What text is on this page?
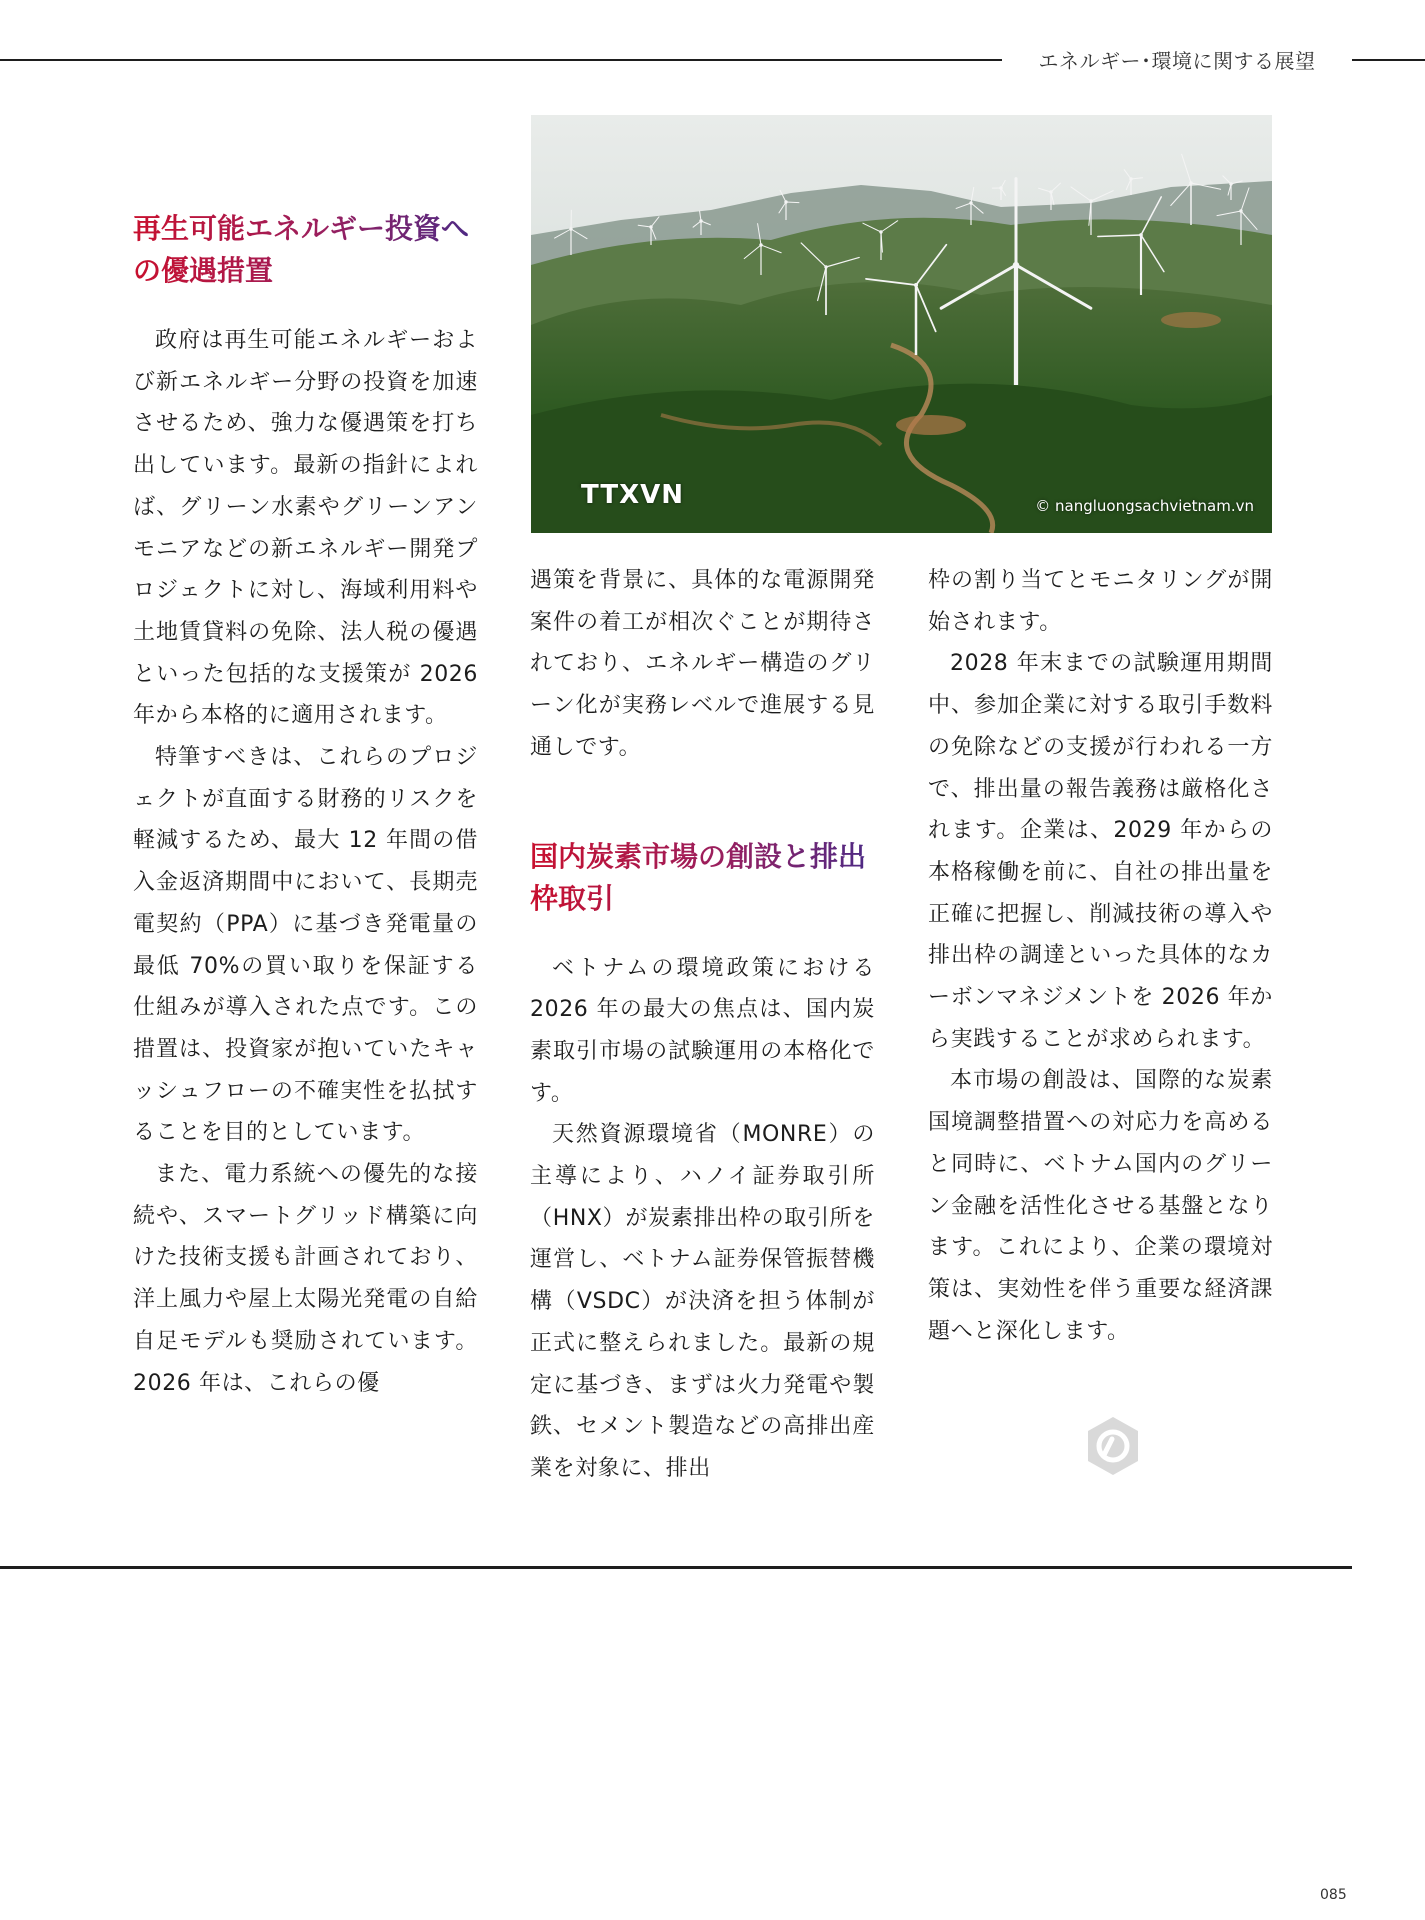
エネルギー･環境に関する展望
再生可能エネルギー投資への優遇措置

政府は再生可能エネルギーおよび新エネルギー分野の投資を加速させるため、強力な優遇策を打ち出しています。最新の指針によれば、グリーン水素やグリーンアンモニアなどの新エネルギー開発プロジェクトに対し、海域利用料や土地賃貸料の免除、法人税の優遇といった包括的な支援策が 2026 年から本格的に適用されます。

特筆すべきは、これらのプロジェクトが直面する財務的リスクを軽減するため、最大 12 年間の借入金返済期間中において、長期売電契約（PPA）に基づき発電量の最低 70%の買い取りを保証する仕組みが導入された点です。この措置は、投資家が抱いていたキャッシュフローの不確実性を払拭することを目的としています。

また、電力系統への優先的な接続や、スマートグリッド構築に向けた技術支援も計画されており、洋上風力や屋上太陽光発電の自給自足モデルも奨励されています。2026 年は、これらの優

TTXVN	© nangluongsachvietnam.vn

遇策を背景に、具体的な電源開発案件の着工が相次ぐことが期待されており、エネルギー構造のグリーン化が実務レベルで進展する見通しです。

国内炭素市場の創設と排出枠取引

ベトナムの環境政策における 2026 年の最大の焦点は、国内炭素取引市場の試験運用の本格化です。

天然資源環境省（MONRE）の主導により、ハノイ証券取引所（HNX）が炭素排出枠の取引所を運営し、ベトナム証券保管振替機構（VSDC）が決済を担う体制が正式に整えられました。最新の規定に基づき、まずは火力発電や製鉄、セメント製造などの高排出産業を対象に、排出

枠の割り当てとモニタリングが開始されます。

2028 年末までの試験運用期間中、参加企業に対する取引手数料の免除などの支援が行われる一方で、排出量の報告義務は厳格化されます。企業は、2029 年からの本格稼働を前に、自社の排出量を正確に把握し、削減技術の導入や排出枠の調達といった具体的なカーボンマネジメントを 2026 年から実践することが求められます。

本市場の創設は、国際的な炭素国境調整措置への対応力を高めると同時に、ベトナム国内のグリーン金融を活性化させる基盤となります。これにより、企業の環境対策は、実効性を伴う重要な経済課題へと深化します。

085
